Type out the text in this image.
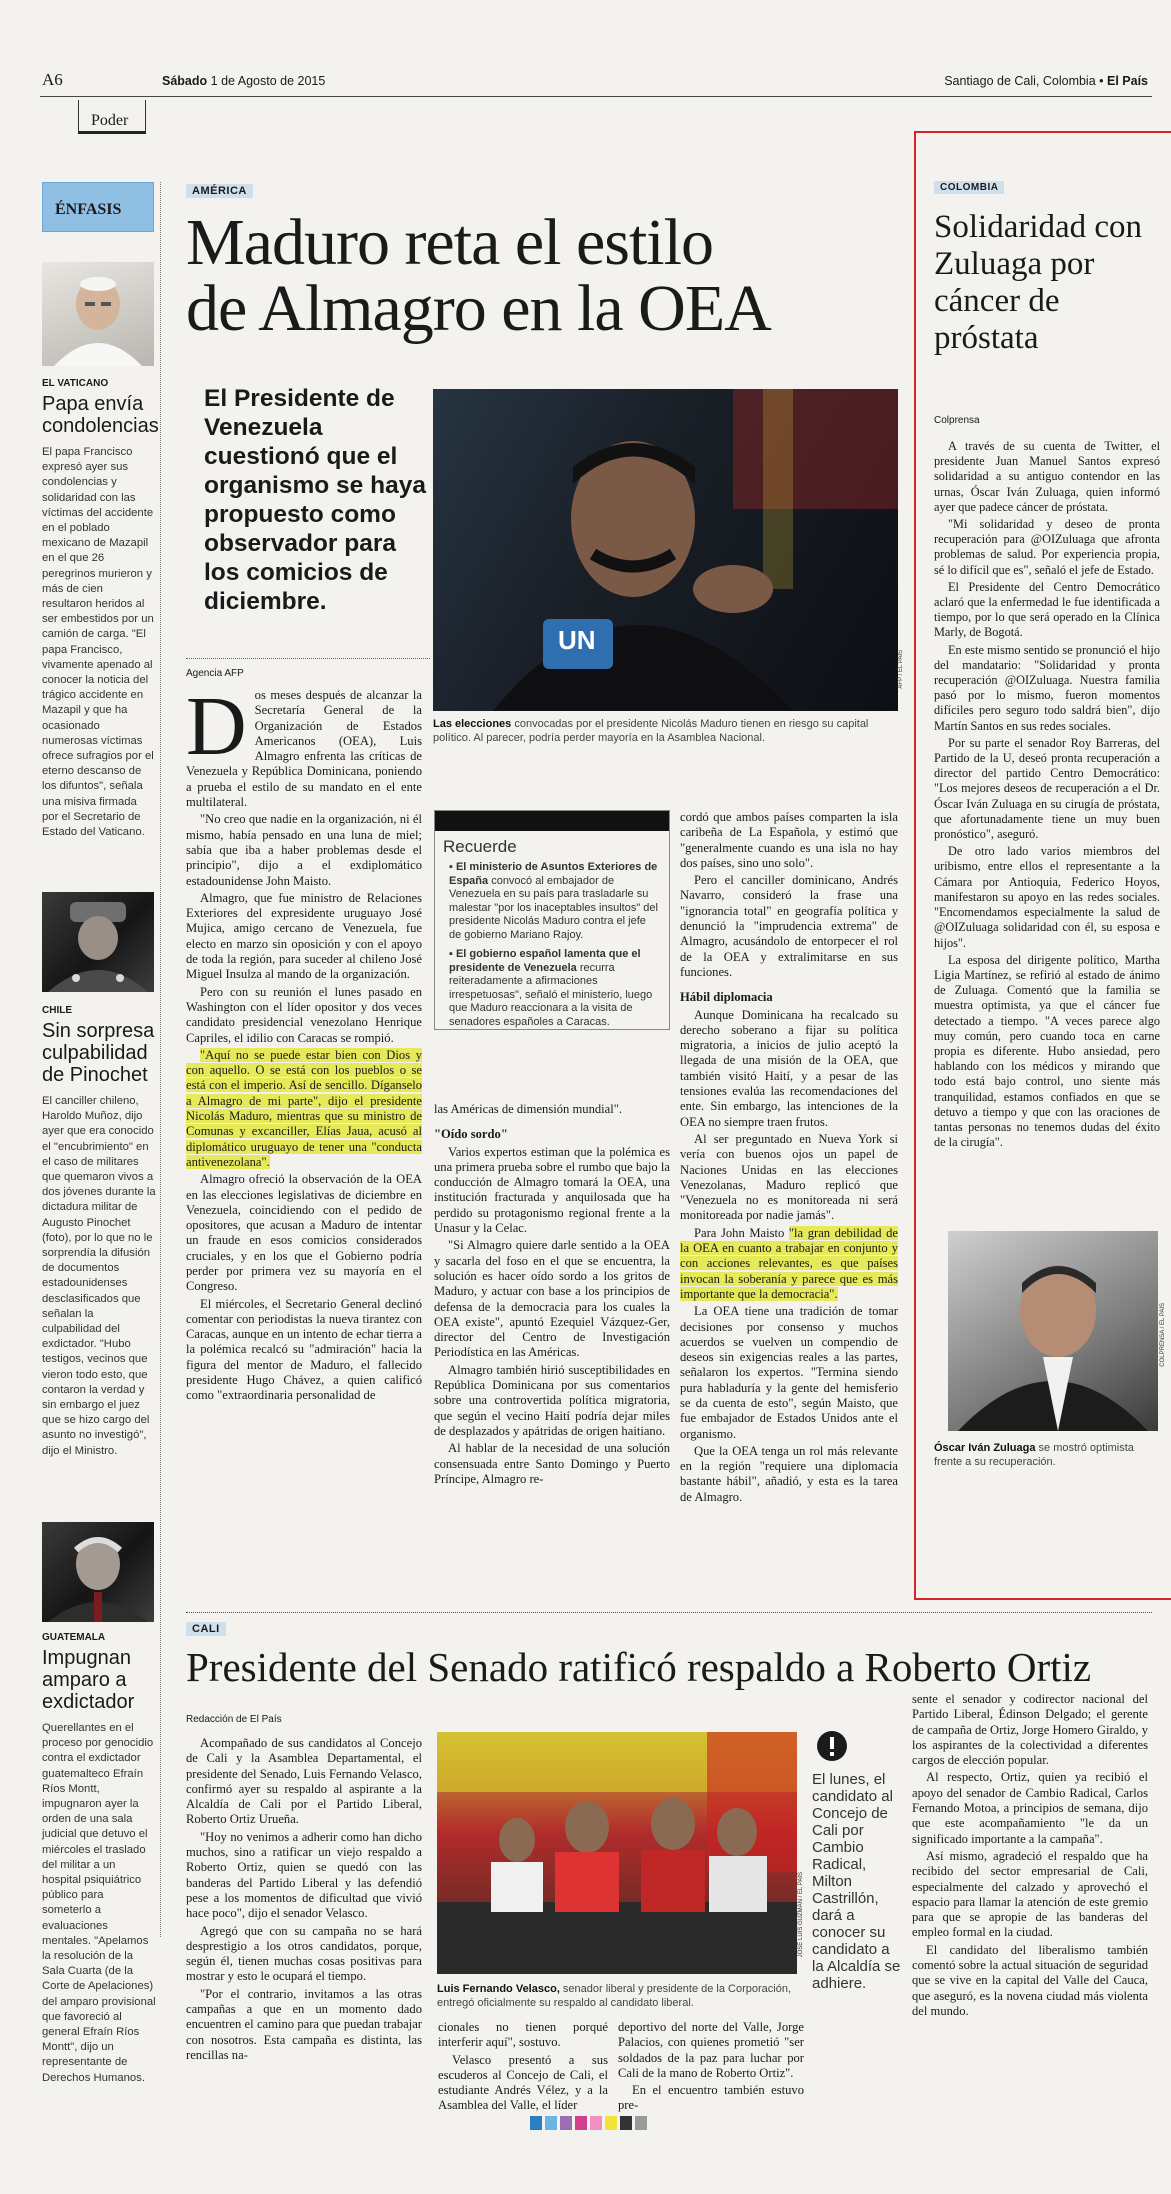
A6	Sábado 1 de Agosto de 2015	Santiago de Cali, Colombia • El País
Poder
ÉNFASIS
EL VATICANO
Papa envía condolencias
El papa Francisco expresó ayer sus condolencias y solidaridad con las víctimas del accidente en el poblado mexicano de Mazapil en el que 26 peregrinos murieron y más de cien resultaron heridos al ser embestidos por un camión de carga. "El papa Francisco, vivamente apenado al conocer la noticia del trágico accidente en Mazapil y que ha ocasionado numerosas víctimas ofrece sufragios por el eterno descanso de los difuntos", señala una misiva firmada por el Secretario de Estado del Vaticano.
CHILE
Sin sorpresa culpabilidad de Pinochet
El canciller chileno, Haroldo Muñoz, dijo ayer que era conocido el "encubrimiento" en el caso de militares que quemaron vivos a dos jóvenes durante la dictadura militar de Augusto Pinochet (foto), por lo que no le sorprendía la difusión de documentos estadounidenses desclasificados que señalan la culpabilidad del exdictador. "Hubo testigos, vecinos que vieron todo esto, que contaron la verdad y sin embargo el juez que se hizo cargo del asunto no investigó", dijo el Ministro.
GUATEMALA
Impugnan amparo a exdictador
Querellantes en el proceso por genocidio contra el exdictador guatemalteco Efraín Ríos Montt, impugnaron ayer la orden de una sala judicial que detuvo el miércoles el traslado del militar a un hospital psiquiátrico público para someterlo a evaluaciones mentales. "Apelamos la resolución de la Sala Cuarta (de la Corte de Apelaciones) del amparo provisional que favoreció al general Efraín Ríos Montt", dijo un representante de Derechos Humanos.
AMÉRICA
Maduro reta el estilo
de Almagro en la OEA
El Presidente de Venezuela cuestionó que el organismo se haya propuesto como observador para los comicios de diciembre.
Agencia AFP
UN
AFP / EL PAÍS
Las elecciones convocadas por el presidente Nicolás Maduro tienen en riesgo su capital político. Al parecer, podría perder mayoría en la Asamblea Nacional.
D os meses después de alcanzar la Secretaría General de la Organización de Estados Americanos (OEA), Luis Almagro enfrenta las críticas de Venezuela y República Dominicana, poniendo a prueba el estilo de su mandato en el ente multilateral.

"No creo que nadie en la organización, ni él mismo, había pensado en una luna de miel; sabía que iba a haber problemas desde el principio", dijo a el exdiplomático estadounidense John Maisto.

Almagro, que fue ministro de Relaciones Exteriores del expresidente uruguayo José Mujica, amigo cercano de Venezuela, fue electo en marzo sin oposición y con el apoyo de toda la región, para suceder al chileno José Miguel Insulza al mando de la organización.

Pero con su reunión el lunes pasado en Washington con el líder opositor y dos veces candidato presidencial venezolano Henrique Capriles, el idilio con Caracas se rompió.

"Aquí no se puede estar bien con Dios y con aquello. O se está con los pueblos o se está con el imperio. Así de sencillo. Díganselo a Almagro de mi parte", dijo el presidente Nicolás Maduro, mientras que su ministro de Comunas y excanciller, Elías Jaua, acusó al diplomático uruguayo de tener una "conducta antivenezolana".

Almagro ofreció la observación de la OEA en las elecciones legislativas de diciembre en Venezuela, coincidiendo con el pedido de opositores, que acusan a Maduro de intentar un fraude en esos comicios considerados cruciales, y en los que el Gobierno podría perder por primera vez su mayoría en el Congreso.

El miércoles, el Secretario General declinó comentar con periodistas la nueva tirantez con Caracas, aunque en un intento de echar tierra a la polémica recalcó su "admiración" hacia la figura del mentor de Maduro, el fallecido presidente Hugo Chávez, a quien calificó como "extraordinaria personalidad de

Recuerde
▪ El ministerio de Asuntos Exteriores de España convocó al embajador de Venezuela en su país para trasladarle su malestar "por los inaceptables insultos" del presidente Nicolás Maduro contra el jefe de gobierno Mariano Rajoy.
▪ El gobierno español lamenta que el presidente de Venezuela recurra reiteradamente a afirmaciones irrespetuosas", señaló el ministerio, luego que Maduro reaccionara a la visita de senadores españoles a Caracas.

las Américas de dimensión mundial".

"Oído sordo"

Varios expertos estiman que la polémica es una primera prueba sobre el rumbo que bajo la conducción de Almagro tomará la OEA, una institución fracturada y anquilosada que ha perdido su protagonismo regional frente a la Unasur y la Celac.

"Si Almagro quiere darle sentido a la OEA y sacarla del foso en el que se encuentra, la solución es hacer oído sordo a los gritos de Maduro, y actuar con base a los principios de defensa de la democracia para los cuales la OEA existe", apuntó Ezequiel Vázquez-Ger, director del Centro de Investigación Periodística en las Américas.

Almagro también hirió susceptibilidades en República Dominicana por sus comentarios sobre una controvertida política migratoria, que según el vecino Haití podría dejar miles de desplazados y apátridas de origen haitiano.

Al hablar de la necesidad de una solución consensuada entre Santo Domingo y Puerto Príncipe, Almagro re-

cordó que ambos países comparten la isla caribeña de La Española, y estimó que "generalmente cuando es una isla no hay dos países, sino uno solo".

Pero el canciller dominicano, Andrés Navarro, consideró la frase una "ignorancia total" en geografía política y denunció la "imprudencia extrema" de Almagro, acusándolo de entorpecer el rol de la OEA y extralimitarse en sus funciones.

Hábil diplomacia

Aunque Dominicana ha recalcado su derecho soberano a fijar su política migratoria, a inicios de julio aceptó la llegada de una misión de la OEA, que también visitó Haití, y a pesar de las tensiones evalúa las recomendaciones del ente. Sin embargo, las intenciones de la OEA no siempre traen frutos.

Al ser preguntado en Nueva York si vería con buenos ojos un papel de Naciones Unidas en las elecciones Venezolanas, Maduro replicó que "Venezuela no es monitoreada ni será monitoreada por nadie jamás".

Para John Maisto "la gran debilidad de la OEA en cuanto a trabajar en conjunto y con acciones relevantes, es que países invocan la soberanía y parece que es más importante que la democracia".

La OEA tiene una tradición de tomar decisiones por consenso y muchos acuerdos se vuelven un compendio de deseos sin exigencias reales a las partes, señalaron los expertos. "Termina siendo pura habladuría y la gente del hemisferio se da cuenta de esto", según Maisto, que fue embajador de Estados Unidos ante el organismo.

Que la OEA tenga un rol más relevante en la región "requiere una diplomacia bastante hábil", añadió, y esta es la tarea de Almagro.

COLOMBIA
Solidaridad con Zuluaga por cáncer de próstata
Colprensa

A través de su cuenta de Twitter, el presidente Juan Manuel Santos expresó solidaridad a su antiguo contendor en las urnas, Óscar Iván Zuluaga, quien informó ayer que padece cáncer de próstata.

"Mi solidaridad y deseo de pronta recuperación para @OIZuluaga que afronta problemas de salud. Por experiencia propia, sé lo difícil que es", señaló el jefe de Estado.

El Presidente del Centro Democrático aclaró que la enfermedad le fue identificada a tiempo, por lo que será operado en la Clínica Marly, de Bogotá.

En este mismo sentido se pronunció el hijo del mandatario: "Solidaridad y pronta recuperación @OIZuluaga. Nuestra familia pasó por lo mismo, fueron momentos difíciles pero seguro todo saldrá bien", dijo Martín Santos en sus redes sociales.

Por su parte el senador Roy Barreras, del Partido de la U, deseó pronta recuperación a director del partido Centro Democrático: "Los mejores deseos de recuperación a el Dr. Óscar Iván Zuluaga en su cirugía de próstata, que afortunadamente tiene un muy buen pronóstico", aseguró.

De otro lado varios miembros del uribismo, entre ellos el representante a la Cámara por Antioquia, Federico Hoyos, manifestaron su apoyo en las redes sociales. "Encomendamos especialmente la salud de @OIZuluaga solidaridad con él, su esposa e hijos".

La esposa del dirigente político, Martha Ligia Martínez, se refirió al estado de ánimo de Zuluaga. Comentó que la familia se muestra optimista, ya que el cáncer fue detectado a tiempo. "A veces parece algo muy común, pero cuando toca en carne propia es diferente. Hubo ansiedad, pero hablando con los médicos y mirando que todo está bajo control, uno siente más tranquilidad, estamos confiados en que se detuvo a tiempo y que con las oraciones de tantas personas no tenemos dudas del éxito de la cirugía".

COLPRENSA / EL PAÍS
Óscar Iván Zuluaga se mostró optimista frente a su recuperación.
CALI
Presidente del Senado ratificó respaldo a Roberto Ortiz
Redacción de El País

Acompañado de sus candidatos al Concejo de Cali y la Asamblea Departamental, el presidente del Senado, Luis Fernando Velasco, confirmó ayer su respaldo al aspirante a la Alcaldía de Cali por el Partido Liberal, Roberto Ortiz Urueña.

"Hoy no venimos a adherir como han dicho muchos, sino a ratificar un viejo respaldo a Roberto Ortiz, quien se quedó con las banderas del Partido Liberal y las defendió pese a los momentos de dificultad que vivió hace poco", dijo el senador Velasco.

Agregó que con su campaña no se hará desprestigio a los otros candidatos, porque, según él, tienen muchas cosas positivas para mostrar y esto le ocupará el tiempo.

"Por el contrario, invitamos a las otras campañas a que en un momento dado encuentren el camino para que puedan trabajar con nosotros. Esta campaña es distinta, las rencillas na-

JOSÉ LUIS GUZMÁN / EL PAÍS
Luis Fernando Velasco, senador liberal y presidente de la Corporación, entregó oficialmente su respaldo al candidato liberal.
El lunes, el candidato al Concejo de Cali por Cambio Radical, Milton Castrillón, dará a conocer su candidato a la Alcaldía se adhiere.

cionales no tienen porqué interferir aquí", sostuvo.

Velasco presentó a sus escuderos al Concejo de Cali, el estudiante Andrés Vélez, y a la Asamblea del Valle, el líder

deportivo del norte del Valle, Jorge Palacios, con quienes prometió "ser soldados de la paz para luchar por Cali de la mano de Roberto Ortiz".

En el encuentro también estuvo pre-

sente el senador y codirector nacional del Partido Liberal, Édinson Delgado; el gerente de campaña de Ortiz, Jorge Homero Giraldo, y los aspirantes de la colectividad a diferentes cargos de elección popular.

Al respecto, Ortiz, quien ya recibió el apoyo del senador de Cambio Radical, Carlos Fernando Motoa, a principios de semana, dijo que este acompañamiento "le da un significado importante a la campaña".

Así mismo, agradeció el respaldo que ha recibido del sector empresarial de Cali, especialmente del calzado y aprovechó el espacio para llamar la atención de este gremio para que se apropie de las banderas del empleo formal en la ciudad.

El candidato del liberalismo también comentó sobre la actual situación de seguridad que se vive en la capital del Valle del Cauca, que aseguró, es la novena ciudad más violenta del mundo.
